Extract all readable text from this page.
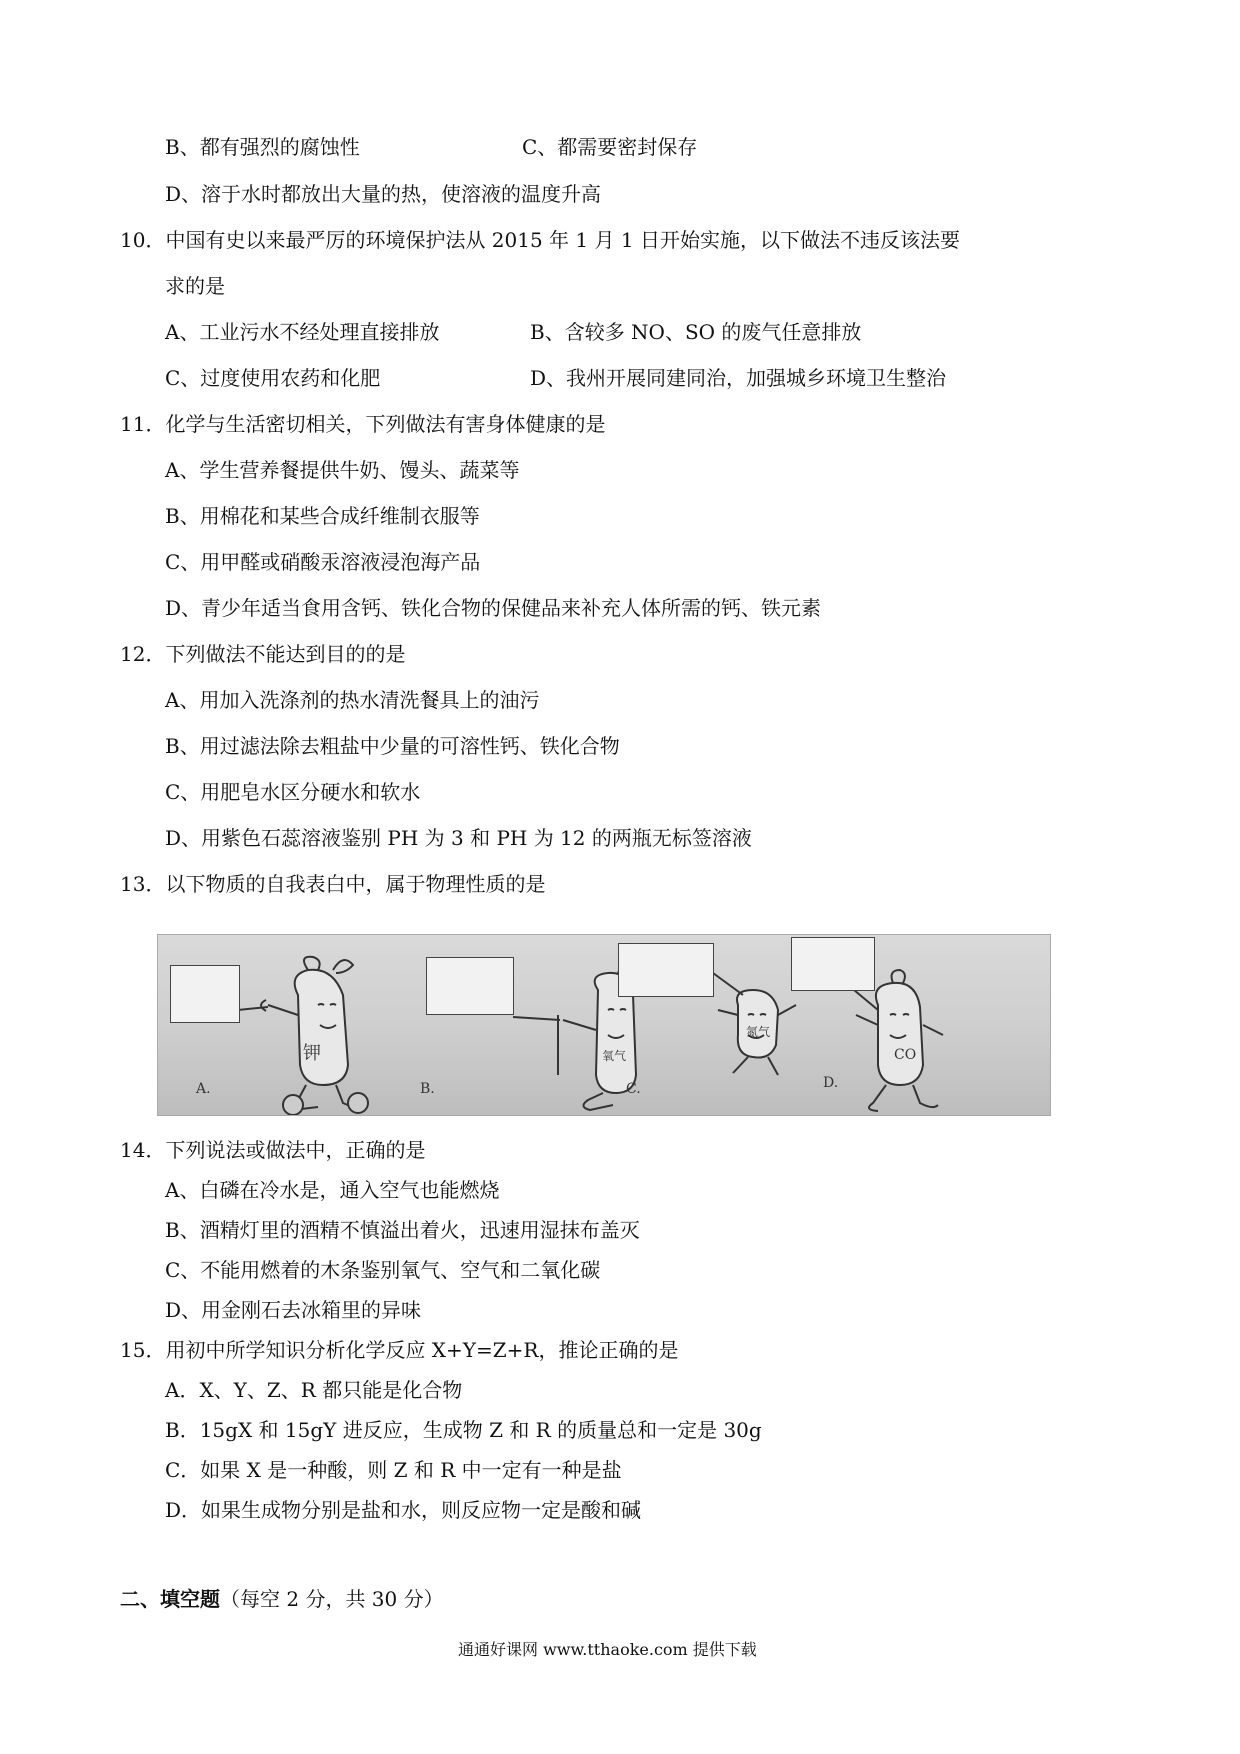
B、都有强烈的腐蚀性	C、都需要密封保存
D、溶于水时都放出大量的热，使溶液的温度升高
10．中国有史以来最严厉的环境保护法从 2015 年 1 月 1 日开始实施，以下做法不违反该法要
求的是
A、工业污水不经处理直接排放	B、含较多 NO、SO 的废气任意排放
C、过度使用农药和化肥	D、我州开展同建同治，加强城乡环境卫生整治
11．化学与生活密切相关，下列做法有害身体健康的是
A、学生营养餐提供牛奶、馒头、蔬菜等
B、用棉花和某些合成纤维制衣服等
C、用甲醛或硝酸汞溶液浸泡海产品
D、青少年适当食用含钙、铁化合物的保健品来补充人体所需的钙、铁元素
12．下列做法不能达到目的的是
A、用加入洗涤剂的热水清洗餐具上的油污
B、用过滤法除去粗盐中少量的可溶性钙、铁化合物
C、用肥皂水区分硬水和软水
D、用紫色石蕊溶液鉴别 PH 为 3 和 PH 为 12 的两瓶无标签溶液
13．以下物质的自我表白中，属于物理性质的是
钾	氧气
氮气
CO
A.	B.	C.	D.
14．下列说法或做法中，正确的是
A、白磷在冷水是，通入空气也能燃烧
B、酒精灯里的酒精不慎溢出着火，迅速用湿抹布盖灭
C、不能用燃着的木条鉴别氧气、空气和二氧化碳
D、用金刚石去冰箱里的异味
15．用初中所学知识分析化学反应 X+Y=Z+R，推论正确的是
A．X、Y、Z、R 都只能是化合物
B．15gX 和 15gY 进反应，生成物 Z 和 R 的质量总和一定是 30g
C．如果 X 是一种酸，则 Z 和 R 中一定有一种是盐
D．如果生成物分别是盐和水，则反应物一定是酸和碱
二、填空题（每空 2 分，共 30 分）
通通好课网 www.tthaoke.com 提供下载
